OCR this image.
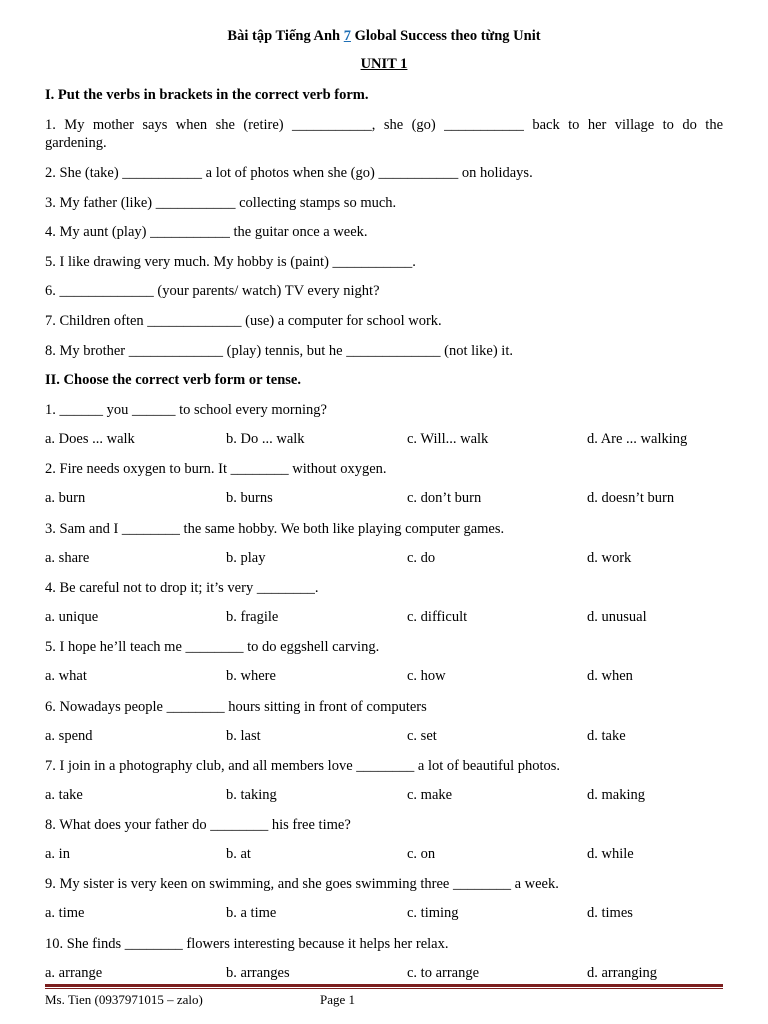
Bài tập Tiếng Anh 7 Global Success theo từng Unit
UNIT 1
I. Put the verbs in brackets in the correct verb form.
1. My mother says when she (retire) ___________, she (go) ___________ back to her village to do the
gardening.
2. She (take) ___________ a lot of photos when she (go) ___________ on holidays.
3. My father (like) ___________ collecting stamps so much.
4. My aunt (play) ___________ the guitar once a week.
5. I like drawing very much. My hobby is (paint) ___________.
6. _____________ (your parents/ watch) TV every night?
7. Children often _____________ (use) a computer for school work.
8. My brother _____________ (play) tennis, but he _____________ (not like) it.
II. Choose the correct verb form or tense.
1. ______ you ______ to school every morning?
a. Does ... walk	b. Do ... walk	c. Will... walk	d. Are ... walking
2. Fire needs oxygen to burn. It ________ without oxygen.
a. burn	b. burns	c. don’t burn	d. doesn’t burn
3. Sam and I ________ the same hobby. We both like playing computer games.
a. share	b. play	c. do	d. work
4. Be careful not to drop it; it’s very ________.
a. unique	b. fragile	c. difficult	d. unusual
5. I hope he’ll teach me ________ to do eggshell carving.
a. what	b. where	c. how	d. when
6. Nowadays people ________ hours sitting in front of computers
a. spend	b. last	c. set	d. take
7. I join in a photography club, and all members love ________ a lot of beautiful photos.
a. take	b. taking	c. make	d. making
8. What does your father do ________ his free time?
a. in	b. at	c. on	d. while
9. My sister is very keen on swimming, and she goes swimming three ________ a week.
a. time	b. a time	c. timing	d. times
10. She finds ________ flowers interesting because it helps her relax.
a. arrange	b. arranges	c. to arrange	d. arranging
Ms. Tien (0937971015 – zalo)	Page 1
